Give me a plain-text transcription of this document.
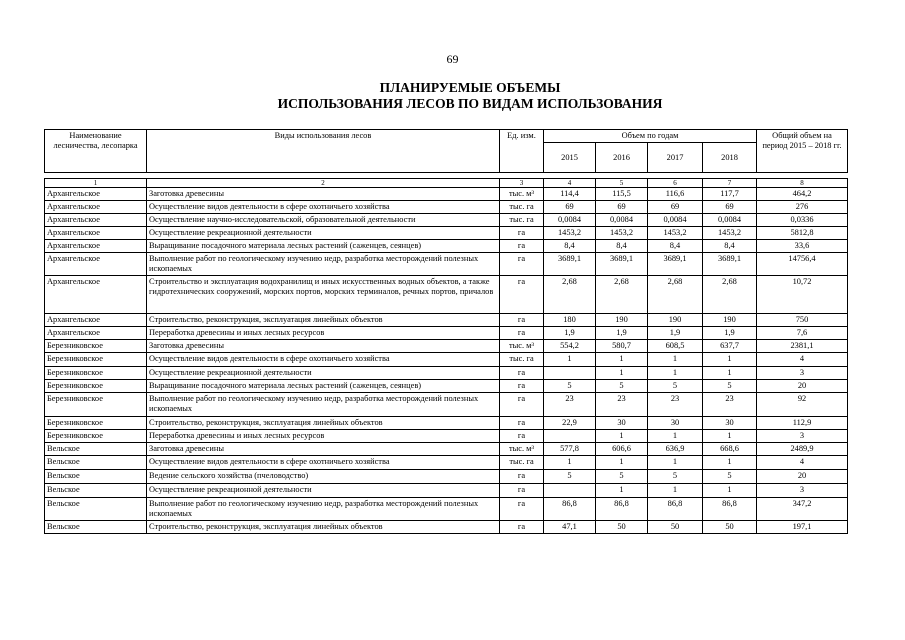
69
ПЛАНИРУЕМЫЕ ОБЪЕМЫ
ИСПОЛЬЗОВАНИЯ ЛЕСОВ ПО ВИДАМ ИСПОЛЬЗОВАНИЯ
Наименование лесничества, лесопарка	Виды использования лесов	Ед. изм.	Объем по годам				Общий объем на период 2015 – 2018 гг.
			2015	2016	2017	2018	
1	2	3	4	5	6	7	8
Архангельское	Заготовка древесины	тыс. м³	114,4	115,5	116,6	117,7	464,2
Архангельское	Осуществление видов деятельности в сфере охотничьего хозяйства	тыс. га	69	69	69	69	276
Архангельское	Осуществление научно-исследовательской, образовательной деятельности	тыс. га	0,0084	0,0084	0,0084	0,0084	0,0336
Архангельское	Осуществление рекреационной деятельности	га	1453,2	1453,2	1453,2	1453,2	5812,8
Архангельское	Выращивание посадочного материала лесных растений (саженцев, сеянцев)	га	8,4	8,4	8,4	8,4	33,6
Архангельское	Выполнение работ по геологическому изучению недр, разработка месторождений полезных ископаемых	га	3689,1	3689,1	3689,1	3689,1	14756,4
Архангельское	Строительство и эксплуатация водохранилищ и иных искусственных водных объектов, а также гидротехнических сооружений, морских портов, морских терминалов, речных портов, причалов	га	2,68	2,68	2,68	2,68	10,72
Архангельское	Строительство, реконструкция, эксплуатация линейных объектов	га	180	190	190	190	750
Архангельское	Переработка древесины и иных лесных ресурсов	га	1,9	1,9	1,9	1,9	7,6
Березниковское	Заготовка древесины	тыс. м³	554,2	580,7	608,5	637,7	2381,1
Березниковское	Осуществление видов деятельности в сфере охотничьего хозяйства	тыс. га	1	1	1	1	4
Березниковское	Осуществление рекреационной деятельности	га		1	1	1	3
Березниковское	Выращивание посадочного материала лесных растений (саженцев, сеянцев)	га	5	5	5	5	20
Березниковское	Выполнение работ по геологическому изучению недр, разработка месторождений полезных ископаемых	га	23	23	23	23	92
Березниковское	Строительство, реконструкция, эксплуатация линейных объектов	га	22,9	30	30	30	112,9
Березниковское	Переработка древесины и иных лесных ресурсов	га		1	1	1	3
Вельское	Заготовка древесины	тыс. м³	577,8	606,6	636,9	668,6	2489,9
Вельское	Осуществление видов деятельности в сфере охотничьего хозяйства	тыс. га	1	1	1	1	4
Вельское	Ведение сельского хозяйства (пчеловодство)	га	5	5	5	5	20
Вельское	Осуществление рекреационной деятельности	га		1	1	1	3
Вельское	Выполнение работ по геологическому изучению недр, разработка месторождений полезных ископаемых	га	86,8	86,8	86,8	86,8	347,2
Вельское	Строительство, реконструкция, эксплуатация линейных объектов	га	47,1	50	50	50	197,1
